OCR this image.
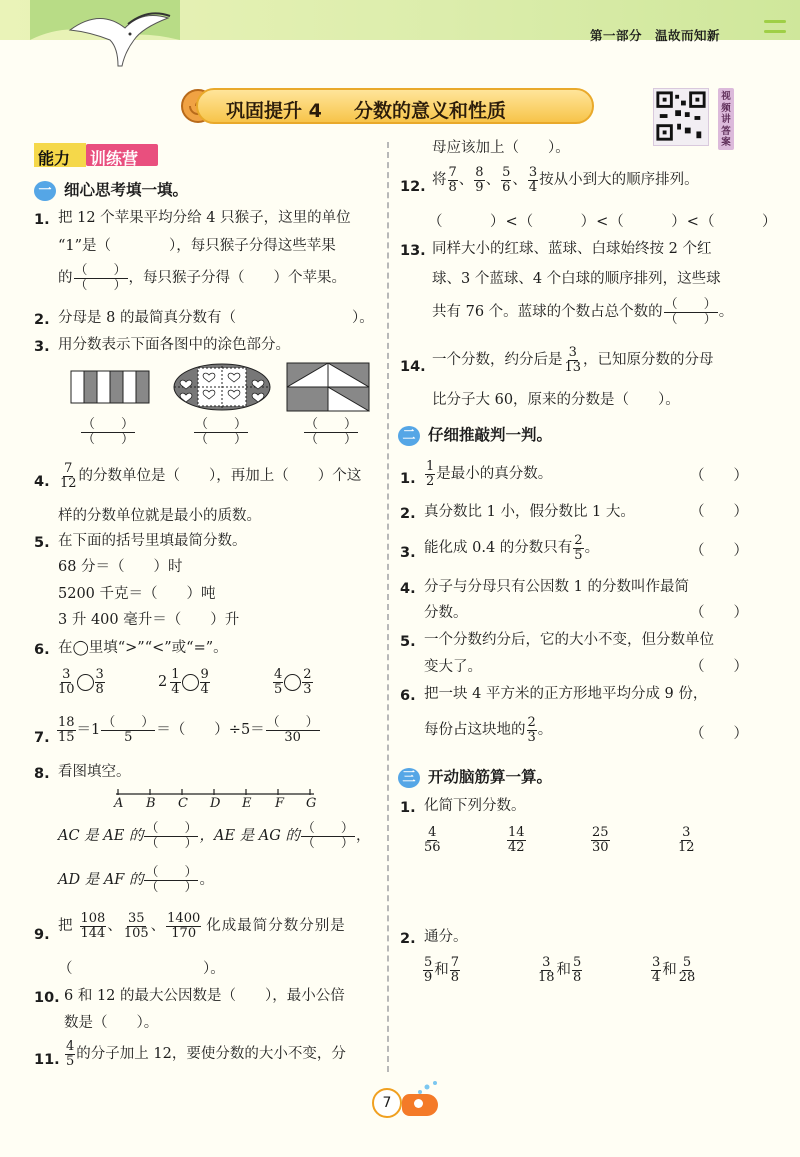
第一部分　温故而知新
巩固提升 4 分数的意义和性质
视频讲答案
能力	训练营
一 细心思考填一填。
1. 把 12 个苹果平均分给 4 只猴子，这里的单位
“1”是（　　　　），每只猴子分得这些苹果
的 （　　）
（　　） ，每只猴子分得（　　）个苹果。
2. 分母是 8 的最简真分数有（　　　　　　　　）。
3. 用分数表示下面各图中的涂色部分。
（　　）
（　　）
（　　）
（　　）
（　　）
（　　）
4.
7
12 的分数单位是（　　），再加上（　　）个这
样的分数单位就是最小的质数。
5. 在下面的括号里填最简分数。
68 分＝（　　）时
5200 千克＝（　　）吨
3 升 400 毫升＝（　　）升
6. 在◯里填“>”“<”或“=”。
3
10
3
8	2 1
4
9
4
4
5
2
3
7.
18
15 ＝1 （　　）
5	＝（　　）÷5＝ （　　）
30
8. 看图填空。
A B C D E F G
AC 是 AE 的 （　　）
（　　） ，AE 是 AG 的 （　　）
（　　） ，
AD 是 AF 的 （　　）
（　　） 。
9.
把 108
144 、 35
105 、 1400
170 化成最简分数分别是
（　　　　　　　　　）。
10. 6 和 12 的最大公因数是（　　），最小公倍
数是（　　）。
11.
4
5 的分子加上 12，要使分数的大小不变，分
母应该加上（　　）。
12. 将 7
8 、 8
9 、 5
6 、 3
4 按从小到大的顺序排列。
（　　　）<（　　　）<（　　　）<（　　　）
13. 同样大小的红球、蓝球、白球始终按 2 个红
球、3 个蓝球、4 个白球的顺序排列，这些球
共有 76 个。蓝球的个数占总个数的 （　　）
（　　） 。
14. 一个分数，约分后是 3
13 ，已知原分数的分母
比分子大 60，原来的分数是（　　）。
二 仔细推敲判一判。
1.
1
2 是最小的真分数。	（　　）
2. 真分数比 1 小，假分数比 1 大。	（　　）
3. 能化成 0.4 的分数只有 2
5 。	（　　）
4. 分子与分母只有公因数 1 的分数叫作最简
分数。	（　　）
5. 一个分数约分后，它的大小不变，但分数单位
变大了。	（　　）
6. 把一块 4 平方米的正方形地平均分成 9 份，
每份占这块地的 2
3 。	（　　）
三 开动脑筋算一算。
1. 化简下列分数。
4
56
14
42
25
30
3
12
2. 通分。
5
9 和 7
8
3
18 和 5
8
3
4 和 5
28
7
